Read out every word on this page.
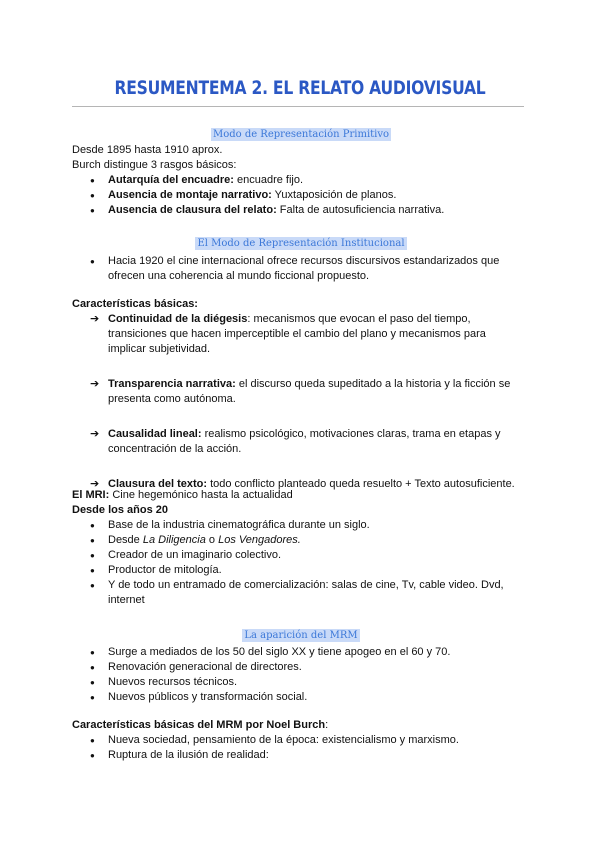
RESUMENTEMA 2. EL RELATO AUDIOVISUAL
Modo de Representación Primitivo
Desde 1895 hasta 1910 aprox.
Burch distingue 3 rasgos básicos:
● Autarquía del encuadre: encuadre fijo.
● Ausencia de montaje narrativo: Yuxtaposición de planos.
● Ausencia de clausura del relato: Falta de autosuficiencia narrativa.
El Modo de Representación Institucional
● Hacia 1920 el cine internacional ofrece recursos discursivos estandarizados que
ofrecen una coherencia al mundo ficcional propuesto.
Características básicas:
➔ Continuidad de la diégesis: mecanismos que evocan el paso del tiempo,
transiciones que hacen imperceptible el cambio del plano y mecanismos para
implicar subjetividad.
➔ Transparencia narrativa: el discurso queda supeditado a la historia y la ficción se
presenta como autónoma.
➔ Causalidad lineal: realismo psicológico, motivaciones claras, trama en etapas y
concentración de la acción.
➔ Clausura del texto: todo conflicto planteado queda resuelto + Texto autosuficiente.
El MRI: Cine hegemónico hasta la actualidad
Desde los años 20
● Base de la industria cinematográfica durante un siglo.
● Desde La Diligencia o Los Vengadores.
● Creador de un imaginario colectivo.
● Productor de mitología.
● Y de todo un entramado de comercialización: salas de cine, Tv, cable video. Dvd,
internet
La aparición del MRM
● Surge a mediados de los 50 del siglo XX y tiene apogeo en el 60 y 70.
● Renovación generacional de directores.
● Nuevos recursos técnicos.
● Nuevos públicos y transformación social.
Características básicas del MRM por Noel Burch:
● Nueva sociedad, pensamiento de la época: existencialismo y marxismo.
● Ruptura de la ilusión de realidad:
